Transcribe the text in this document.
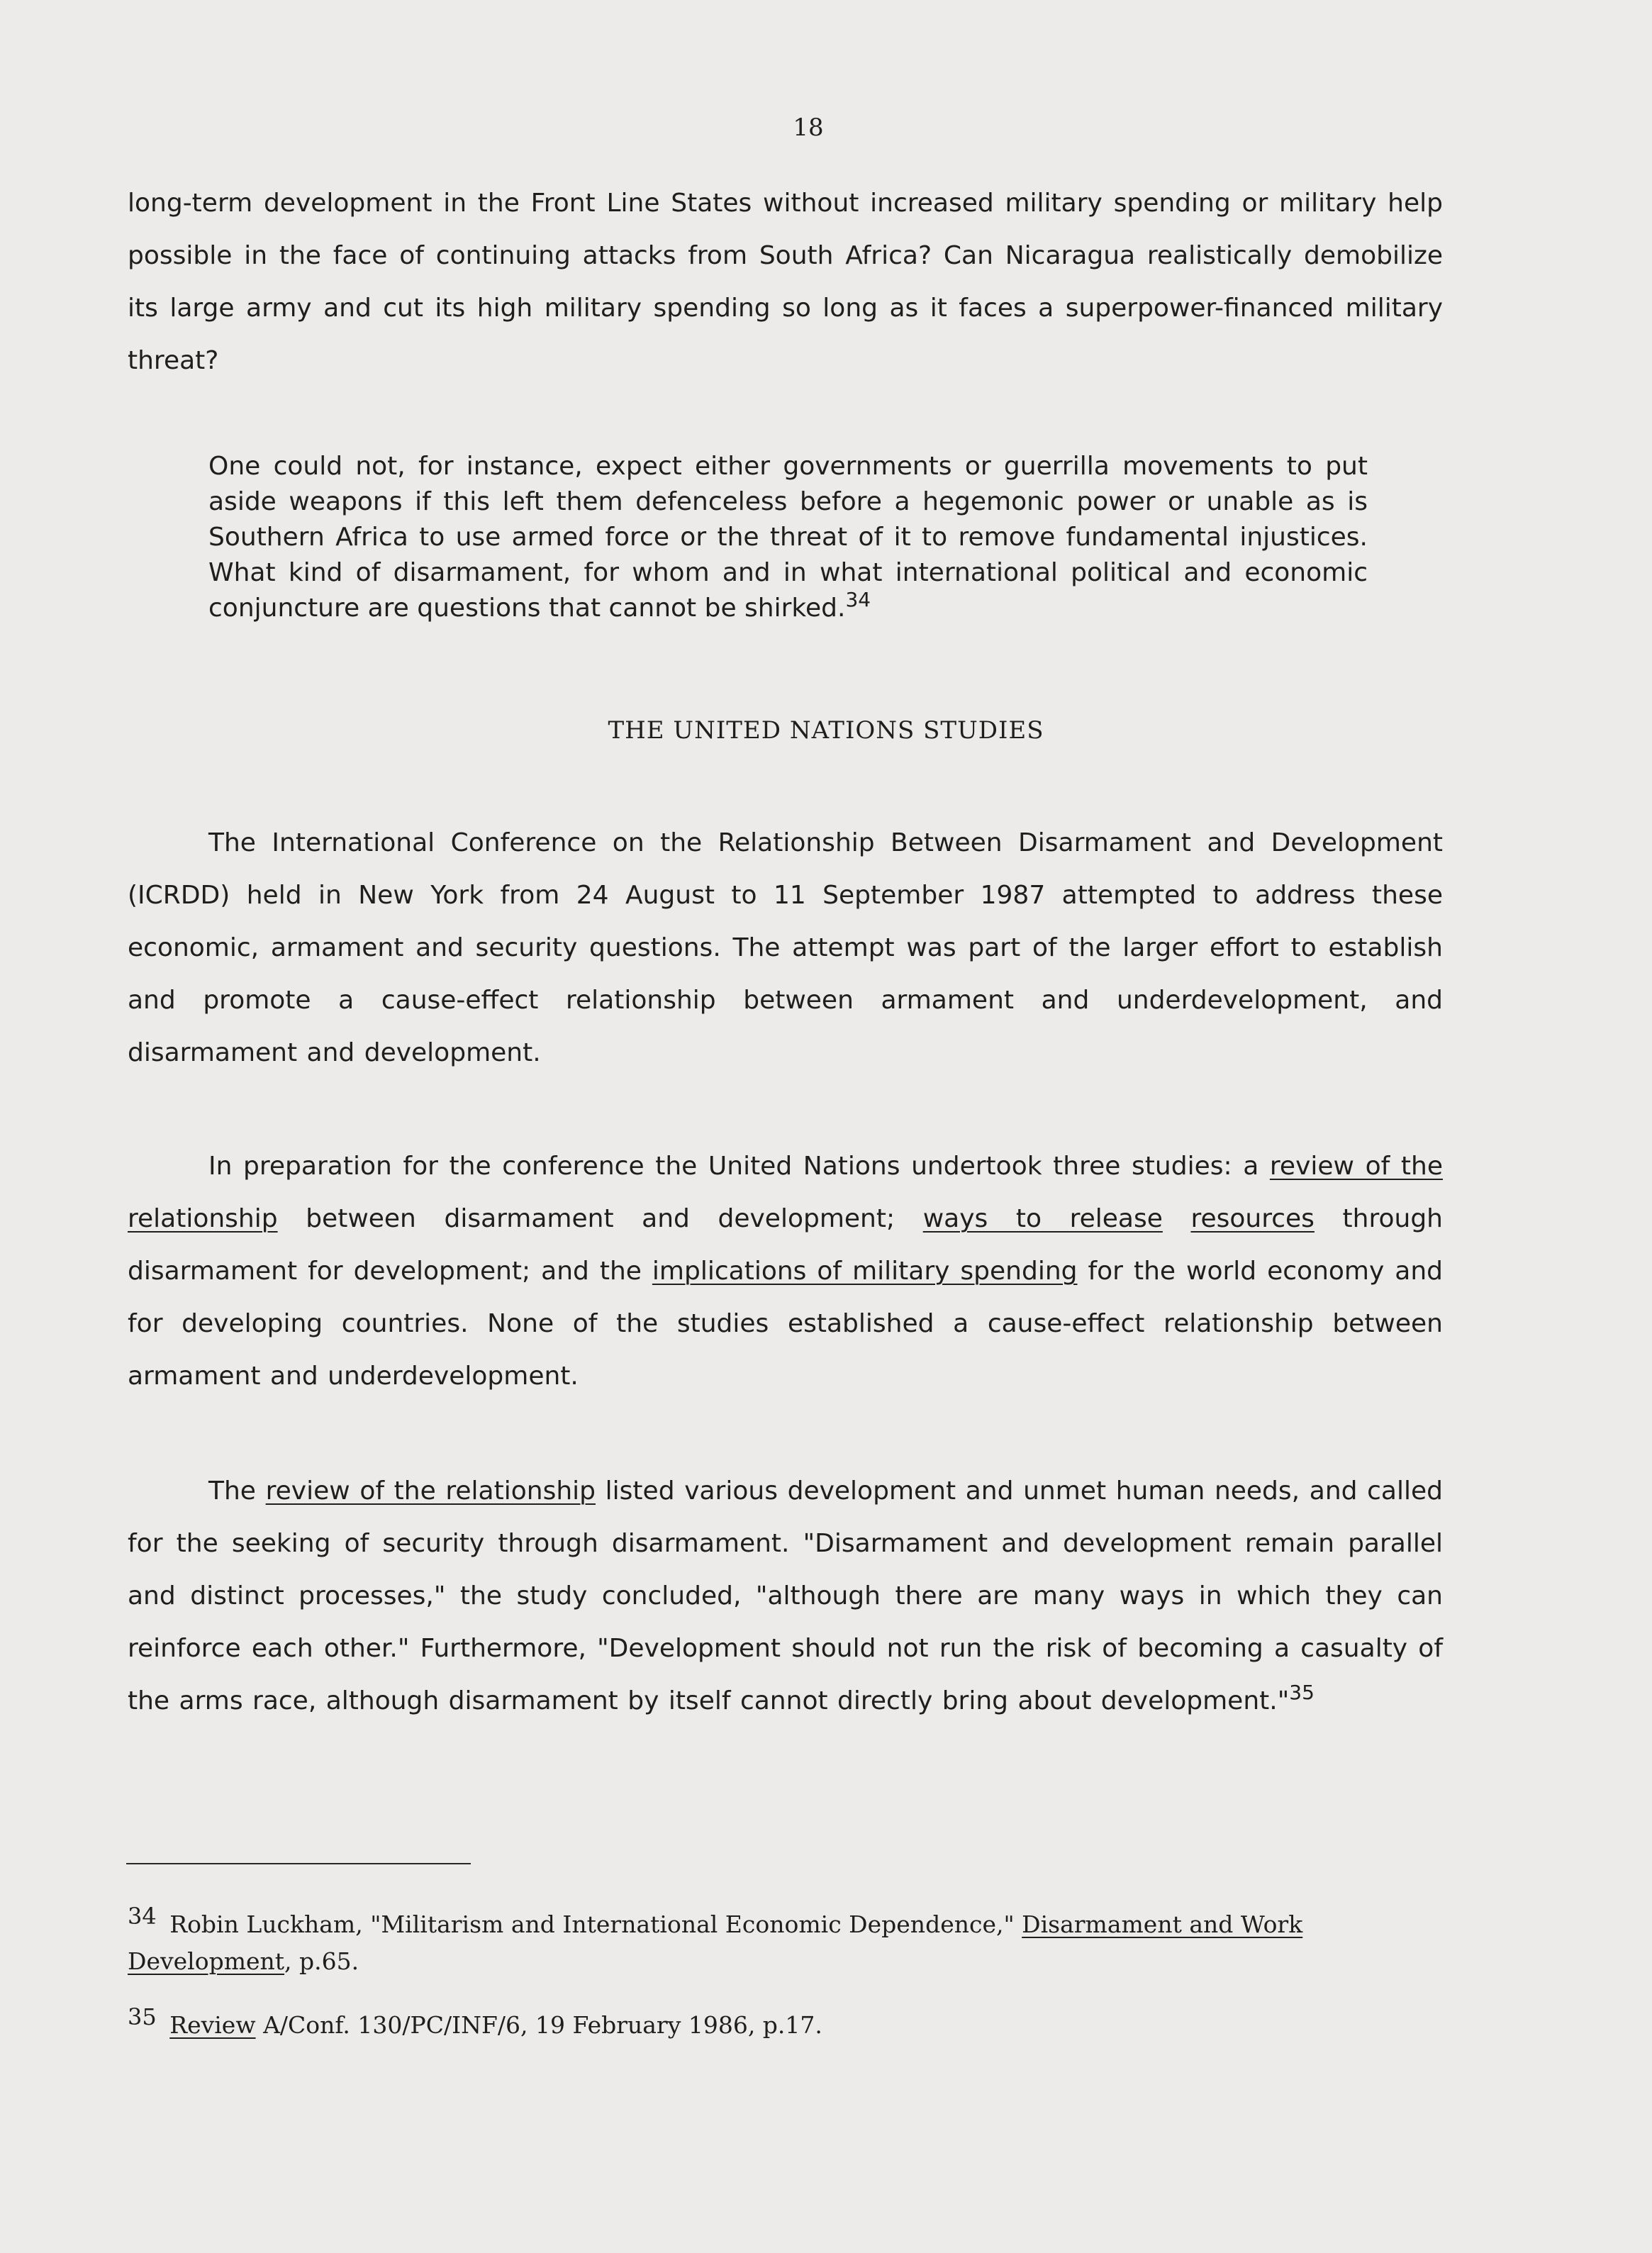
18

long-term development in the Front Line States without increased military spending or military help possible in the face of continuing attacks from South Africa? Can Nicaragua realistically demobilize its large army and cut its high military spending so long as it faces a superpower-financed military threat?

One could not, for instance, expect either governments or guerrilla movements to put aside weapons if this left them defenceless before a hegemonic power or unable as is Southern Africa to use armed force or the threat of it to remove fundamental injustices. What kind of disarmament, for whom and in what international political and economic conjuncture are questions that cannot be shirked.$^{34}$
THE UNITED NATIONS STUDIES

The International Conference on the Relationship Between Disarmament and Development (ICRDD) held in New York from 24 August to 11 September 1987 attempted to address these economic, armament and security questions. The attempt was part of the larger effort to establish and promote a cause-effect relationship between armament and underdevelopment, and disarmament and development.

In preparation for the conference the United Nations undertook three studies: a review of the relationship between disarmament and development; ways to release resources through disarmament for development; and the implications of military spending for the world economy and for developing countries. None of the studies established a cause-effect relationship between armament and underdevelopment.

The review of the relationship listed various development and unmet human needs, and called for the seeking of security through disarmament. "Disarmament and development remain parallel and distinct processes," the study concluded, "although there are many ways in which they can reinforce each other." Furthermore, "Development should not run the risk of becoming a casualty of the arms race, although disarmament by itself cannot directly bring about development."$^{35}$

34 Robin Luckham, "Militarism and International Economic Dependence," Disarmament and Work Development, p.65.

35 Review A/Conf. 130/PC/INF/6, 19 February 1986, p.17.
